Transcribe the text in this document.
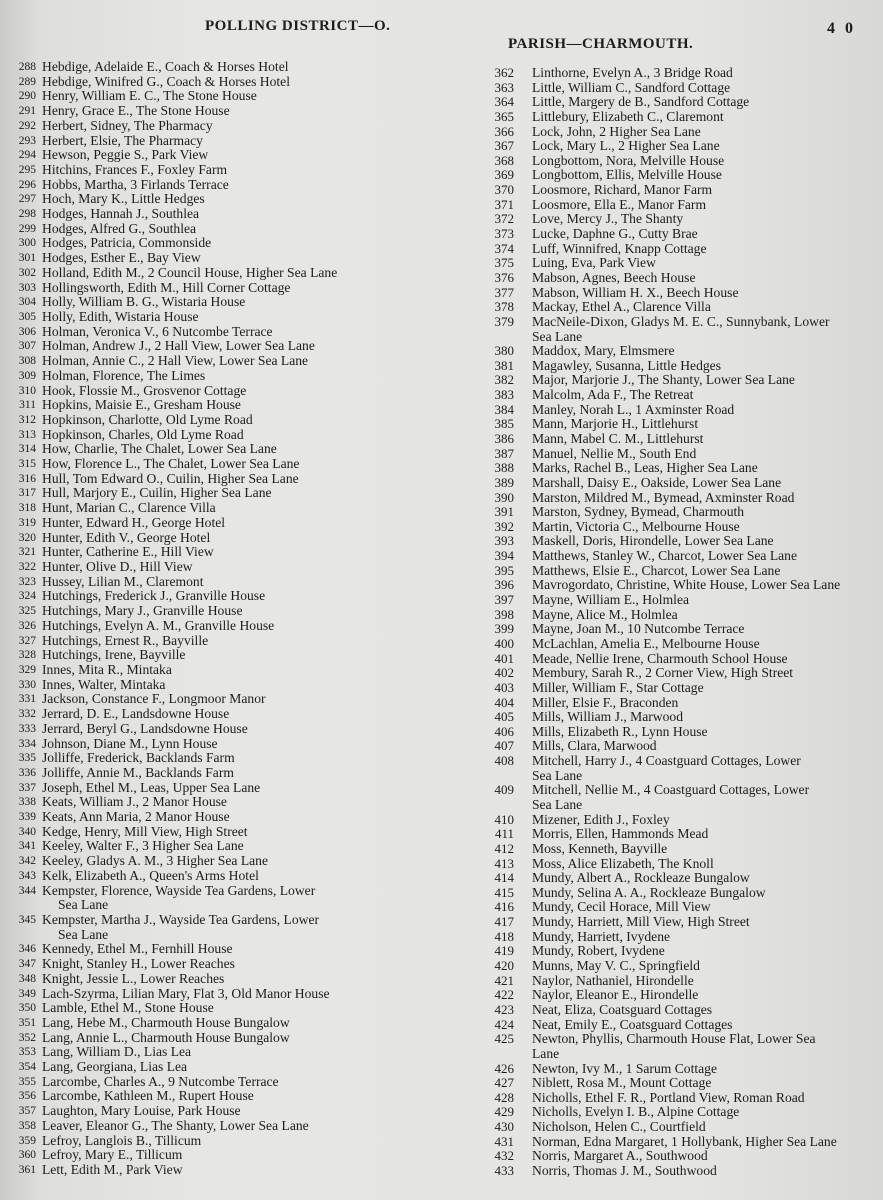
POLLING DISTRICT—O.
PARISH—CHARMOUTH.
4 0
288 Hebdige, Adelaide E., Coach & Horses Hotel
289 Hebdige, Winifred G., Coach & Horses Hotel
290 Henry, William E. C., The Stone House
291 Henry, Grace E., The Stone House
292 Herbert, Sidney, The Pharmacy
293 Herbert, Elsie, The Pharmacy
294 Hewson, Peggie S., Park View
295 Hitchins, Frances F., Foxley Farm
296 Hobbs, Martha, 3 Firlands Terrace
297 Hoch, Mary K., Little Hedges
298 Hodges, Hannah J., Southlea
299 Hodges, Alfred G., Southlea
300 Hodges, Patricia, Commonside
301 Hodges, Esther E., Bay View
302 Holland, Edith M., 2 Council House, Higher Sea Lane
303 Hollingsworth, Edith M., Hill Corner Cottage
304 Holly, William B. G., Wistaria House
305 Holly, Edith, Wistaria House
306 Holman, Veronica V., 6 Nutcombe Terrace
307 Holman, Andrew J., 2 Hall View, Lower Sea Lane
308 Holman, Annie C., 2 Hall View, Lower Sea Lane
309 Holman, Florence, The Limes
310 Hook, Flossie M., Grosvenor Cottage
311 Hopkins, Maisie E., Gresham House
312 Hopkinson, Charlotte, Old Lyme Road
313 Hopkinson, Charles, Old Lyme Road
314 How, Charlie, The Chalet, Lower Sea Lane
315 How, Florence L., The Chalet, Lower Sea Lane
316 Hull, Tom Edward O., Cuilin, Higher Sea Lane
317 Hull, Marjory E., Cuilin, Higher Sea Lane
318 Hunt, Marian C., Clarence Villa
319 Hunter, Edward H., George Hotel
320 Hunter, Edith V., George Hotel
321 Hunter, Catherine E., Hill View
322 Hunter, Olive D., Hill View
323 Hussey, Lilian M., Claremont
324 Hutchings, Frederick J., Granville House
325 Hutchings, Mary J., Granville House
326 Hutchings, Evelyn A. M., Granville House
327 Hutchings, Ernest R., Bayville
328 Hutchings, Irene, Bayville
329 Innes, Mita R., Mintaka
330 Innes, Walter, Mintaka
331 Jackson, Constance F., Longmoor Manor
332 Jerrard, D. E., Landsdowne House
333 Jerrard, Beryl G., Landsdowne House
334 Johnson, Diane M., Lynn House
335 Jolliffe, Frederick, Backlands Farm
336 Jolliffe, Annie M., Backlands Farm
337 Joseph, Ethel M., Leas, Upper Sea Lane
338 Keats, William J., 2 Manor House
339 Keats, Ann Maria, 2 Manor House
340 Kedge, Henry, Mill View, High Street
341 Keeley, Walter F., 3 Higher Sea Lane
342 Keeley, Gladys A. M., 3 Higher Sea Lane
343 Kelk, Elizabeth A., Queen's Arms Hotel
344 Kempster, Florence, Wayside Tea Gardens, Lower
Sea Lane
345 Kempster, Martha J., Wayside Tea Gardens, Lower
Sea Lane
346 Kennedy, Ethel M., Fernhill House
347 Knight, Stanley H., Lower Reaches
348 Knight, Jessie L., Lower Reaches
349 Lach-Szyrma, Lilian Mary, Flat 3, Old Manor House
350 Lamble, Ethel M., Stone House
351 Lang, Hebe M., Charmouth House Bungalow
352 Lang, Annie L., Charmouth House Bungalow
353 Lang, William D., Lias Lea
354 Lang, Georgiana, Lias Lea
355 Larcombe, Charles A., 9 Nutcombe Terrace
356 Larcombe, Kathleen M., Rupert House
357 Laughton, Mary Louise, Park House
358 Leaver, Eleanor G., The Shanty, Lower Sea Lane
359 Lefroy, Langlois B., Tillicum
360 Lefroy, Mary E., Tillicum
361 Lett, Edith M., Park View
362 Linthorne, Evelyn A., 3 Bridge Road
363 Little, William C., Sandford Cottage
364 Little, Margery de B., Sandford Cottage
365 Littlebury, Elizabeth C., Claremont
366 Lock, John, 2 Higher Sea Lane
367 Lock, Mary L., 2 Higher Sea Lane
368 Longbottom, Nora, Melville House
369 Longbottom, Ellis, Melville House
370 Loosmore, Richard, Manor Farm
371 Loosmore, Ella E., Manor Farm
372 Love, Mercy J., The Shanty
373 Lucke, Daphne G., Cutty Brae
374 Luff, Winnifred, Knapp Cottage
375 Luing, Eva, Park View
376 Mabson, Agnes, Beech House
377 Mabson, William H. X., Beech House
378 Mackay, Ethel A., Clarence Villa
379 MacNeile-Dixon, Gladys M. E. C., Sunnybank, Lower
Sea Lane
380 Maddox, Mary, Elmsmere
381 Magawley, Susanna, Little Hedges
382 Major, Marjorie J., The Shanty, Lower Sea Lane
383 Malcolm, Ada F., The Retreat
384 Manley, Norah L., 1 Axminster Road
385 Mann, Marjorie H., Littlehurst
386 Mann, Mabel C. M., Littlehurst
387 Manuel, Nellie M., South End
388 Marks, Rachel B., Leas, Higher Sea Lane
389 Marshall, Daisy E., Oakside, Lower Sea Lane
390 Marston, Mildred M., Bymead, Axminster Road
391 Marston, Sydney, Bymead, Charmouth
392 Martin, Victoria C., Melbourne House
393 Maskell, Doris, Hirondelle, Lower Sea Lane
394 Matthews, Stanley W., Charcot, Lower Sea Lane
395 Matthews, Elsie E., Charcot, Lower Sea Lane
396 Mavrogordato, Christine, White House, Lower Sea Lane
397 Mayne, William E., Holmlea
398 Mayne, Alice M., Holmlea
399 Mayne, Joan M., 10 Nutcombe Terrace
400 McLachlan, Amelia E., Melbourne House
401 Meade, Nellie Irene, Charmouth School House
402 Membury, Sarah R., 2 Corner View, High Street
403 Miller, William F., Star Cottage
404 Miller, Elsie F., Braconden
405 Mills, William J., Marwood
406 Mills, Elizabeth R., Lynn House
407 Mills, Clara, Marwood
408 Mitchell, Harry J., 4 Coastguard Cottages, Lower
Sea Lane
409 Mitchell, Nellie M., 4 Coastguard Cottages, Lower
Sea Lane
410 Mizener, Edith J., Foxley
411 Morris, Ellen, Hammonds Mead
412 Moss, Kenneth, Bayville
413 Moss, Alice Elizabeth, The Knoll
414 Mundy, Albert A., Rockleaze Bungalow
415 Mundy, Selina A. A., Rockleaze Bungalow
416 Mundy, Cecil Horace, Mill View
417 Mundy, Harriett, Mill View, High Street
418 Mundy, Harriett, Ivydene
419 Mundy, Robert, Ivydene
420 Munns, May V. C., Springfield
421 Naylor, Nathaniel, Hirondelle
422 Naylor, Eleanor E., Hirondelle
423 Neat, Eliza, Coatsguard Cottages
424 Neat, Emily E., Coatsguard Cottages
425 Newton, Phyllis, Charmouth House Flat, Lower Sea
Lane
426 Newton, Ivy M., 1 Sarum Cottage
427 Niblett, Rosa M., Mount Cottage
428 Nicholls, Ethel F. R., Portland View, Roman Road
429 Nicholls, Evelyn I. B., Alpine Cottage
430 Nicholson, Helen C., Courtfield
431 Norman, Edna Margaret, 1 Hollybank, Higher Sea Lane
432 Norris, Margaret A., Southwood
433 Norris, Thomas J. M., Southwood
